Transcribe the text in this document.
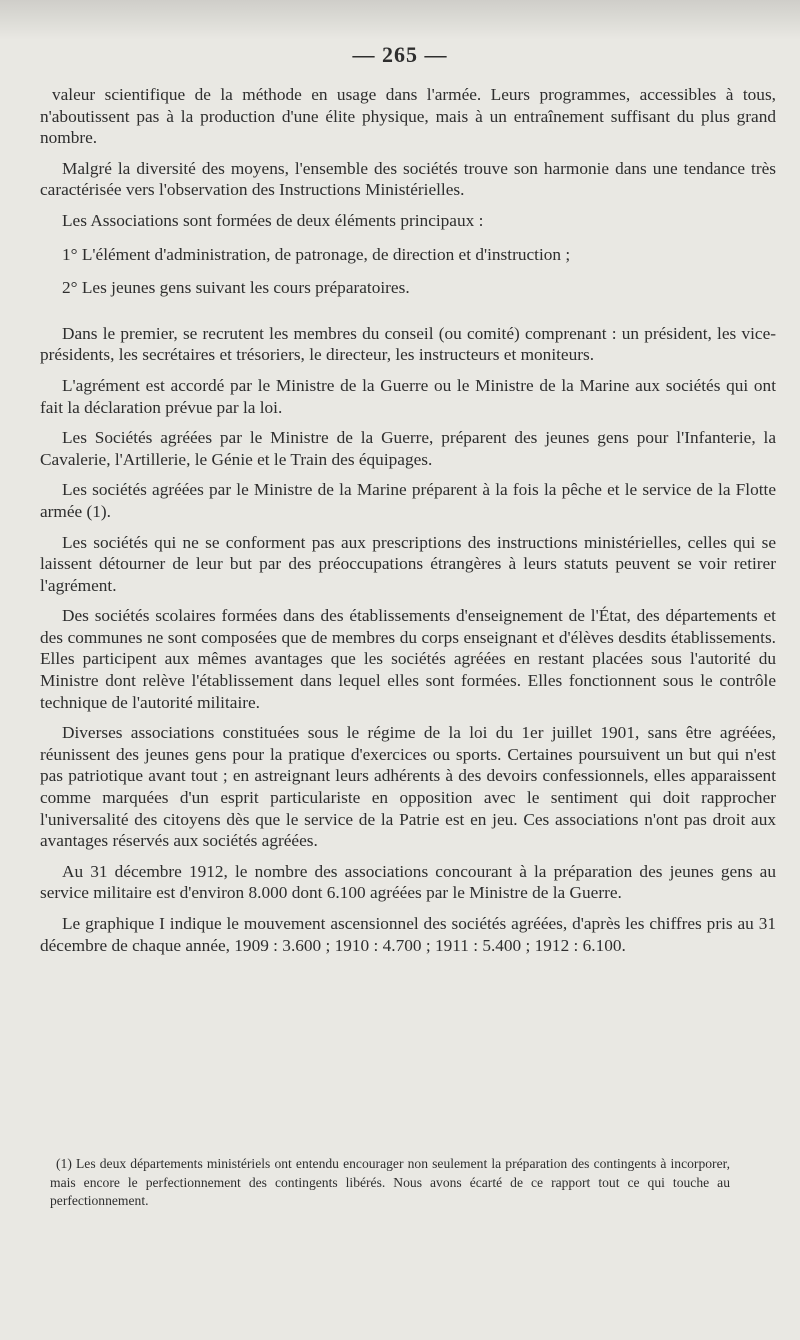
— 265 —

valeur scientifique de la méthode en usage dans l'armée. Leurs programmes, accessibles à tous, n'aboutissent pas à la production d'une élite physique, mais à un entraînement suffisant du plus grand nombre.

Malgré la diversité des moyens, l'ensemble des sociétés trouve son harmonie dans une tendance très caractérisée vers l'observation des Instructions Ministérielles.

Les Associations sont formées de deux éléments principaux :

1° L'élément d'administration, de patronage, de direction et d'instruction ;

2° Les jeunes gens suivant les cours préparatoires.

Dans le premier, se recrutent les membres du conseil (ou comité) comprenant : un président, les vice-présidents, les secrétaires et trésoriers, le directeur, les instructeurs et moniteurs.

L'agrément est accordé par le Ministre de la Guerre ou le Ministre de la Marine aux sociétés qui ont fait la déclaration prévue par la loi.

Les Sociétés agréées par le Ministre de la Guerre, préparent des jeunes gens pour l'Infanterie, la Cavalerie, l'Artillerie, le Génie et le Train des équipages.

Les sociétés agréées par le Ministre de la Marine préparent à la fois la pêche et le service de la Flotte armée (1).

Les sociétés qui ne se conforment pas aux prescriptions des instructions ministérielles, celles qui se laissent détourner de leur but par des préoccupations étrangères à leurs statuts peuvent se voir retirer l'agrément.

Des sociétés scolaires formées dans des établissements d'enseignement de l'État, des départements et des communes ne sont composées que de membres du corps enseignant et d'élèves desdits établissements. Elles participent aux mêmes avantages que les sociétés agréées en restant placées sous l'autorité du Ministre dont relève l'établissement dans lequel elles sont formées. Elles fonctionnent sous le contrôle technique de l'autorité militaire.

Diverses associations constituées sous le régime de la loi du 1er juillet 1901, sans être agréées, réunissent des jeunes gens pour la pratique d'exercices ou sports. Certaines poursuivent un but qui n'est pas patriotique avant tout ; en astreignant leurs adhérents à des devoirs confessionnels, elles apparaissent comme marquées d'un esprit particulariste en opposition avec le sentiment qui doit rapprocher l'universalité des citoyens dès que le service de la Patrie est en jeu. Ces associations n'ont pas droit aux avantages réservés aux sociétés agréées.

Au 31 décembre 1912, le nombre des associations concourant à la préparation des jeunes gens au service militaire est d'environ 8.000 dont 6.100 agréées par le Ministre de la Guerre.

Le graphique I indique le mouvement ascensionnel des sociétés agréées, d'après les chiffres pris au 31 décembre de chaque année, 1909 : 3.600 ; 1910 : 4.700 ; 1911 : 5.400 ; 1912 : 6.100.

(1) Les deux départements ministériels ont entendu encourager non seulement la préparation des contingents à incorporer, mais encore le perfectionnement des contingents libérés. Nous avons écarté de ce rapport tout ce qui touche au perfectionnement.
